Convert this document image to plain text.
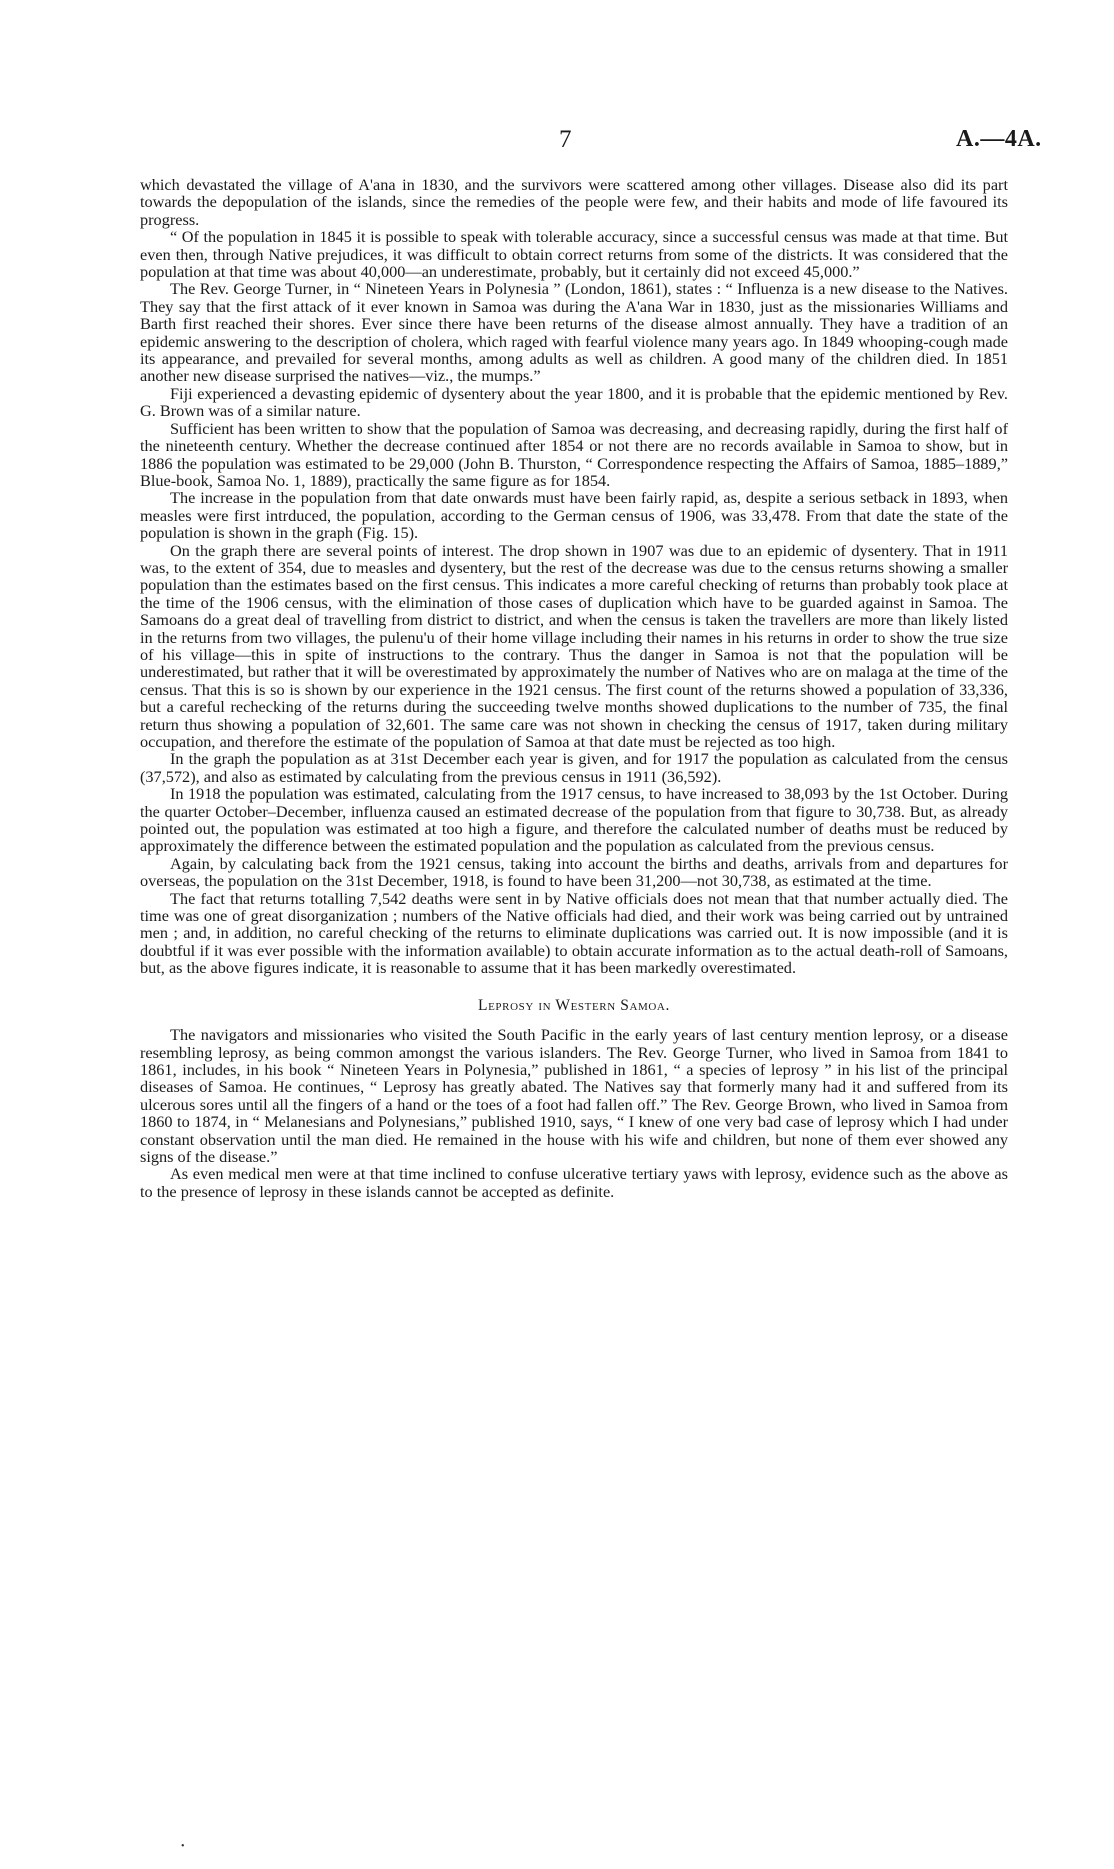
7	A.—4A.

which devastated the village of A'ana in 1830, and the survivors were scattered among other villages. Disease also did its part towards the depopulation of the islands, since the remedies of the people were few, and their habits and mode of life favoured its progress.

“ Of the population in 1845 it is possible to speak with tolerable accuracy, since a successful census was made at that time. But even then, through Native prejudices, it was difficult to obtain correct returns from some of the districts. It was considered that the population at that time was about 40,000—an underestimate, probably, but it certainly did not exceed 45,000.”

The Rev. George Turner, in “ Nineteen Years in Polynesia ” (London, 1861), states : “ Influenza is a new disease to the Natives. They say that the first attack of it ever known in Samoa was during the A'ana War in 1830, just as the missionaries Williams and Barth first reached their shores. Ever since there have been returns of the disease almost annually. They have a tradition of an epidemic answering to the description of cholera, which raged with fearful violence many years ago. In 1849 whooping-cough made its appearance, and prevailed for several months, among adults as well as children. A good many of the children died. In 1851 another new disease surprised the natives—viz., the mumps.”

Fiji experienced a devasting epidemic of dysentery about the year 1800, and it is probable that the epidemic mentioned by Rev. G. Brown was of a similar nature.

Sufficient has been written to show that the population of Samoa was decreasing, and decreasing rapidly, during the first half of the nineteenth century. Whether the decrease continued after 1854 or not there are no records available in Samoa to show, but in 1886 the population was estimated to be 29,000 (John B. Thurston, “ Correspondence respecting the Affairs of Samoa, 1885–1889,” Blue-book, Samoa No. 1, 1889), practically the same figure as for 1854.

The increase in the population from that date onwards must have been fairly rapid, as, despite a serious setback in 1893, when measles were first intrduced, the population, according to the German census of 1906, was 33,478. From that date the state of the population is shown in the graph (Fig. 15).

On the graph there are several points of interest. The drop shown in 1907 was due to an epidemic of dysentery. That in 1911 was, to the extent of 354, due to measles and dysentery, but the rest of the decrease was due to the census returns showing a smaller population than the estimates based on the first census. This indicates a more careful checking of returns than probably took place at the time of the 1906 census, with the elimination of those cases of duplication which have to be guarded against in Samoa. The Samoans do a great deal of travelling from district to district, and when the census is taken the travellers are more than likely listed in the returns from two villages, the pulenu'u of their home village including their names in his returns in order to show the true size of his village—this in spite of instructions to the contrary. Thus the danger in Samoa is not that the population will be underestimated, but rather that it will be overestimated by approximately the number of Natives who are on malaga at the time of the census. That this is so is shown by our experience in the 1921 census. The first count of the returns showed a population of 33,336, but a careful rechecking of the returns during the succeeding twelve months showed duplications to the number of 735, the final return thus showing a population of 32,601. The same care was not shown in checking the census of 1917, taken during military occupation, and therefore the estimate of the population of Samoa at that date must be rejected as too high.

In the graph the population as at 31st December each year is given, and for 1917 the population as calculated from the census (37,572), and also as estimated by calculating from the previous census in 1911 (36,592).

In 1918 the population was estimated, calculating from the 1917 census, to have increased to 38,093 by the 1st October. During the quarter October–December, influenza caused an estimated decrease of the population from that figure to 30,738. But, as already pointed out, the population was estimated at too high a figure, and therefore the calculated number of deaths must be reduced by approximately the difference between the estimated population and the population as calculated from the previous census.

Again, by calculating back from the 1921 census, taking into account the births and deaths, arrivals from and departures for overseas, the population on the 31st December, 1918, is found to have been 31,200—not 30,738, as estimated at the time.

The fact that returns totalling 7,542 deaths were sent in by Native officials does not mean that that number actually died. The time was one of great disorganization ; numbers of the Native officials had died, and their work was being carried out by untrained men ; and, in addition, no careful checking of the returns to eliminate duplications was carried out. It is now impossible (and it is doubtful if it was ever possible with the information available) to obtain accurate information as to the actual death-roll of Samoans, but, as the above figures indicate, it is reasonable to assume that it has been markedly overestimated.

Leprosy in Western Samoa.

The navigators and missionaries who visited the South Pacific in the early years of last century mention leprosy, or a disease resembling leprosy, as being common amongst the various islanders. The Rev. George Turner, who lived in Samoa from 1841 to 1861, includes, in his book “ Nineteen Years in Polynesia,” published in 1861, “ a species of leprosy ” in his list of the principal diseases of Samoa. He continues, “ Leprosy has greatly abated. The Natives say that formerly many had it and suffered from its ulcerous sores until all the fingers of a hand or the toes of a foot had fallen off.” The Rev. George Brown, who lived in Samoa from 1860 to 1874, in “ Melanesians and Polynesians,” published 1910, says, “ I knew of one very bad case of leprosy which I had under constant observation until the man died. He remained in the house with his wife and children, but none of them ever showed any signs of the disease.”

As even medical men were at that time inclined to confuse ulcerative tertiary yaws with leprosy, evidence such as the above as to the presence of leprosy in these islands cannot be accepted as definite.

•
